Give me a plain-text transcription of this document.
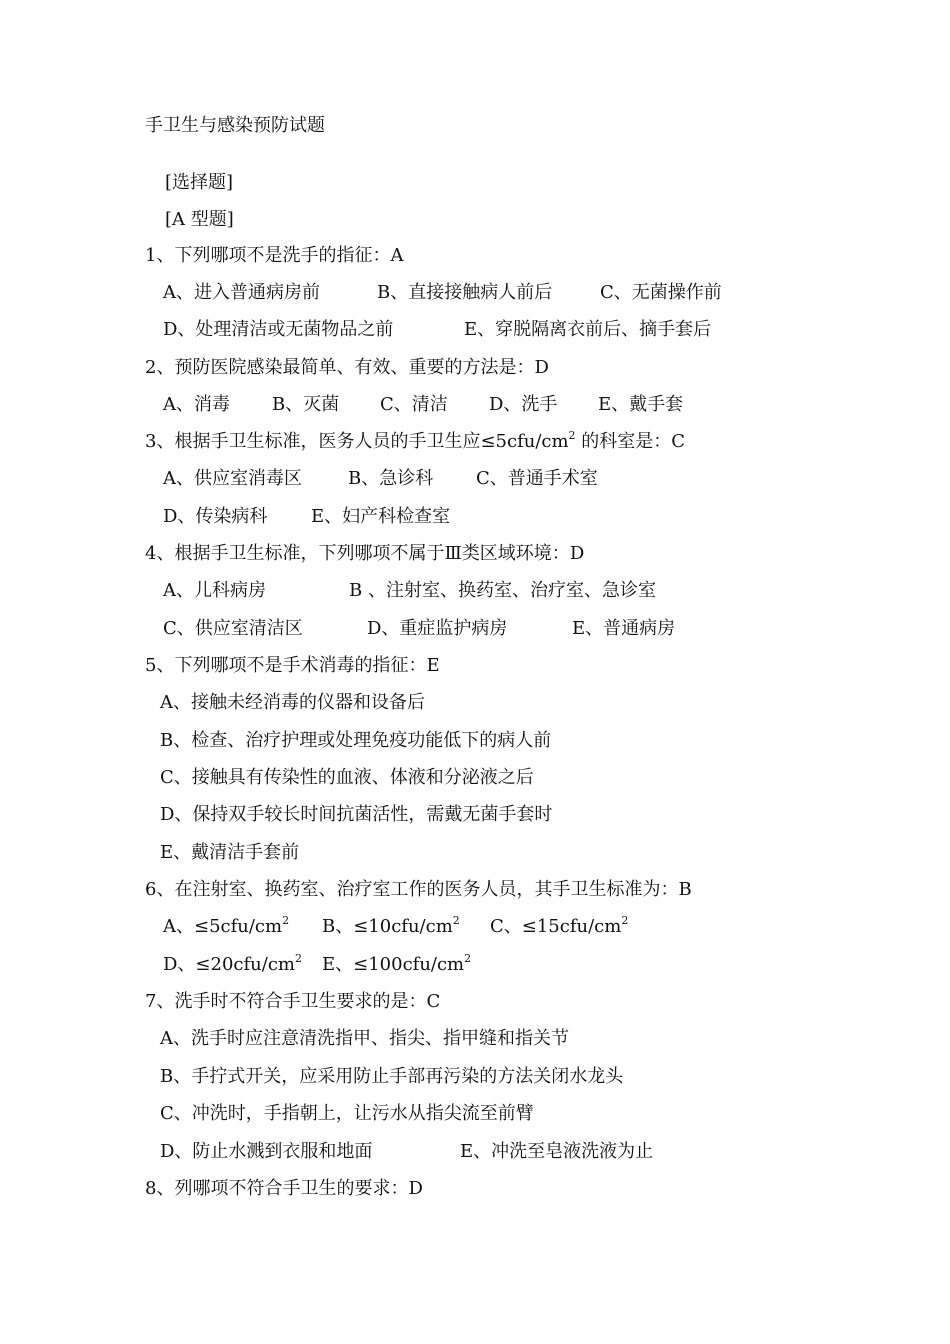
手卫生与感染预防试题
[选择题]
[A 型题]
1、下列哪项不是洗手的指征：A
A、进入普通病房前	B、直接接触病人前后	C、无菌操作前
D、处理清洁或无菌物品之前	E、穿脱隔离衣前后、摘手套后
2、预防医院感染最简单、有效、重要的方法是：D
A、消毒 B、灭菌 C、清洁 D、洗手 E、戴手套
3、根据手卫生标准，医务人员的手卫生应$\le 5cfu/cm^2$ 的科室是：C
A、供应室消毒区	B、急诊科 C、普通手术室
D、传染病科 E、妇产科检查室
4、根据手卫生标准，下列哪项不属于Ⅲ类区域环境：D
A、儿科病房	B 、注射室、换药室、治疗室、急诊室
C、供应室清洁区	D、重症监护病房	E、普通病房
5、下列哪项不是手术消毒的指征：E
A、接触未经消毒的仪器和设备后
B、检查、治疗护理或处理免疫功能低下的病人前
C、接触具有传染性的血液、体液和分泌液之后
D、保持双手较长时间抗菌活性，需戴无菌手套时
E、戴清洁手套前
6、在注射室、换药室、治疗室工作的医务人员，其手卫生标准为：B
A、$\le 5cfu/cm^2$ B、$\le 10cfu/cm^2$ C、$\le 15cfu/cm^2$
D、$\le 20cfu/cm^2$ E、$\le 100cfu/cm^2$
7、洗手时不符合手卫生要求的是：C
A、洗手时应注意清洗指甲、指尖、指甲缝和指关节
B、手拧式开关，应采用防止手部再污染的方法关闭水龙头
C、冲洗时，手指朝上，让污水从指尖流至前臂
D、防止水溅到衣服和地面	E、冲洗至皂液洗液为止
8、列哪项不符合手卫生的要求：D
